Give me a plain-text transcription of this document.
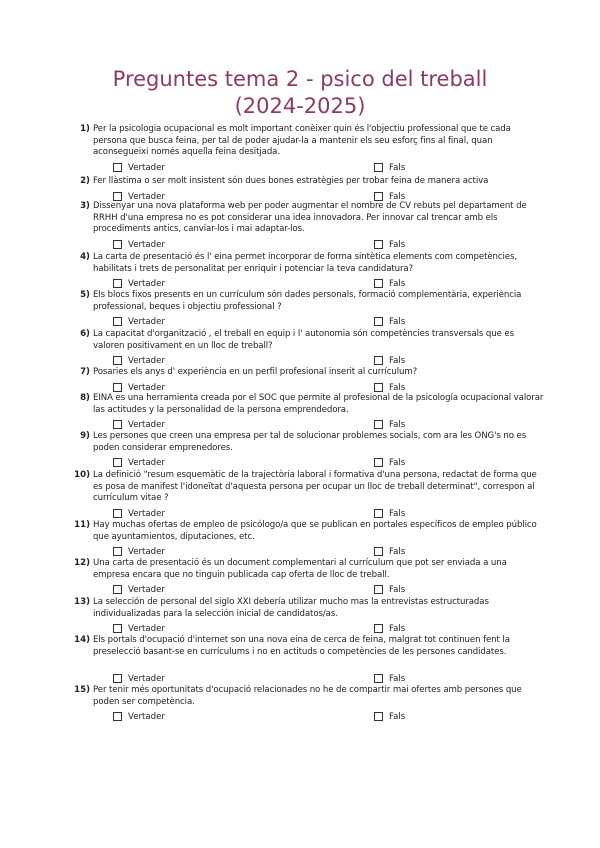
Preguntes tema 2 - psico del treball
(2024-2025)
1) Per la psicologia ocupacional es molt important conèixer quin és l'objectiu professional que te cada persona que busca feina, per tal de poder ajudar-la a mantenir els seu esforç fins al final, quan aconsegueixi només aquella feina desitjada.
Vertader	Fals
2) Fer llàstima o ser molt insistent són dues bones estratègies per trobar feina de manera activa
Vertader	Fals
3) Dissenyar una nova plataforma web per poder augmentar el nombre de CV rebuts pel departament de RRHH d'una empresa no es pot considerar una idea innovadora. Per innovar cal trencar amb els procediments antics, canviar-los i mai adaptar-los.
Vertader	Fals
4) La carta de presentació és l' eina permet incorporar de forma sintètica elements com competències, habilitats i trets de personalitat per enriquir i potenciar la teva candidatura?
Vertader	Fals
5) Els blocs fixos presents en un currículum són dades personals, formació complementària, experiència professional, beques i objectiu professional ?
Vertader	Fals
6) La capacitat d'organització , el treball en equip i l' autonomia són competències transversals que es valoren positivament en un lloc de treball?
Vertader	Fals
7) Posaries els anys d' experiència en un perfil profesional inserit al currículum?
Vertader	Fals
8) EINA es una herramienta creada por el SOC que permite al profesional de la psicología ocupacional valorar las actitudes y la personalidad de la persona emprendedora.
Vertader	Fals
9) Les persones que creen una empresa per tal de solucionar problemes socials, com ara les ONG's no es poden considerar emprenedores.
Vertader	Fals
10) La definició "resum esquemàtic de la trajectòria laboral i formativa d'una persona, redactat de forma que es posa de manifest l'idoneïtat d'aquesta persona per ocupar un lloc de treball determinat", correspon al currículum vitae ?
Vertader	Fals
11) Hay muchas ofertas de empleo de psicólogo/a que se publican en portales específicos de empleo público que ayuntamientos, diputaciones, etc.
Vertader	Fals
12) Una carta de presentació és un document complementari al currículum que pot ser enviada a una empresa encara que no tinguin publicada cap oferta de lloc de treball.
Vertader	Fals
13) La selección de personal del siglo XXI debería utilizar mucho mas la entrevistas estructuradas individualizadas para la selección inicial de candidatos/as.
Vertader	Fals
14) Els portals d'ocupació d'internet son una nova eina de cerca de feina, malgrat tot continuen fent la preselecció basant-se en currículums i no en actituds o competències de les persones candidates.
Vertader	Fals
15) Per tenir més oportunitats d'ocupació relacionades no he de compartir mai ofertes amb persones que poden ser competència.
Vertader	Fals
